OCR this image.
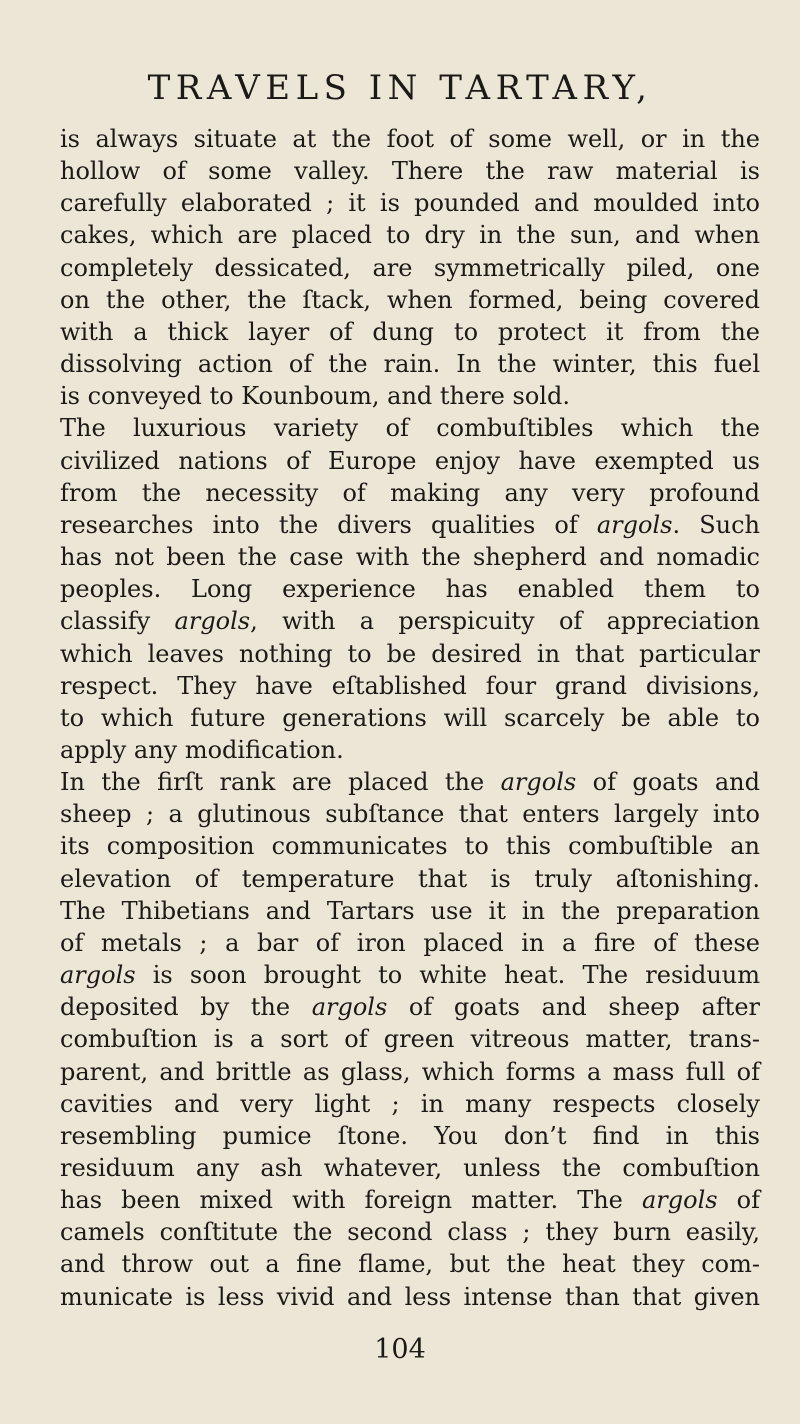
TRAVELS IN TARTARY,
is always situate at the foot of some well, or in the
hollow of some valley. There the raw material is
carefully elaborated ; it is pounded and moulded into
cakes, which are placed to dry in the sun, and when
completely dessicated, are symmetrically piled, one
on the other, the ſtack, when formed, being covered
with a thick layer of dung to protect it from the
dissolving action of the rain. In the winter, this fuel
is conveyed to Kounboum, and there sold.
The luxurious variety of combuſtibles which the
civilized nations of Europe enjoy have exempted us
from the necessity of making any very profound
researches into the divers qualities of argols. Such
has not been the case with the shepherd and nomadic
peoples. Long experience has enabled them to
classify argols, with a perspicuity of appreciation
which leaves nothing to be desired in that particular
respect. They have eſtablished four grand divisions,
to which future generations will scarcely be able to
apply any modification.
In the firſt rank are placed the argols of goats and
sheep ; a glutinous subſtance that enters largely into
its composition communicates to this combuſtible an
elevation of temperature that is truly aſtonishing.
The Thibetians and Tartars use it in the preparation
of metals ; a bar of iron placed in a fire of these
argols is soon brought to white heat. The residuum
deposited by the argols of goats and sheep after
combuſtion is a sort of green vitreous matter, trans-
parent, and brittle as glass, which forms a mass full of
cavities and very light ; in many respects closely
resembling pumice ſtone. You don’t find in this
residuum any ash whatever, unless the combuſtion
has been mixed with foreign matter. The argols of
camels conſtitute the second class ; they burn easily,
and throw out a fine flame, but the heat they com-
municate is less vivid and less intense than that given
104
